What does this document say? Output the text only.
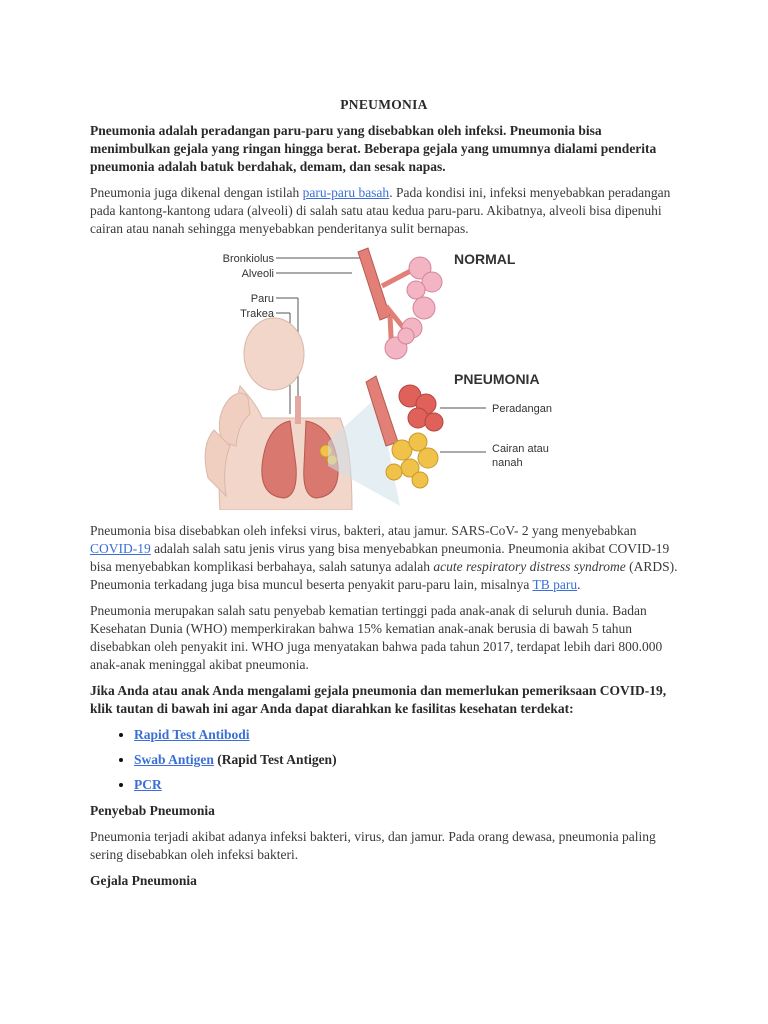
PNEUMONIA

Pneumonia adalah peradangan paru-paru yang disebabkan oleh infeksi. Pneumonia bisa menimbulkan gejala yang ringan hingga berat. Beberapa gejala yang umumnya dialami penderita pneumonia adalah batuk berdahak, demam, dan sesak napas.

Pneumonia juga dikenal dengan istilah paru-paru basah. Pada kondisi ini, infeksi menyebabkan peradangan pada kantong-kantong udara (alveoli) di salah satu atau kedua paru-paru. Akibatnya, alveoli bisa dipenuhi cairan atau nanah sehingga menyebabkan penderitanya sulit bernapas.

Bronkiolus
Alveoli
Paru
Trakea
NORMAL
PNEUMONIA
Peradangan
Cairan atau
nanah

Pneumonia bisa disebabkan oleh infeksi virus, bakteri, atau jamur. SARS-CoV- 2 yang menyebabkan COVID-19 adalah salah satu jenis virus yang bisa menyebabkan pneumonia. Pneumonia akibat COVID-19 bisa menyebabkan komplikasi berbahaya, salah satunya adalah acute respiratory distress syndrome (ARDS). Pneumonia terkadang juga bisa muncul beserta penyakit paru-paru lain, misalnya TB paru.

Pneumonia merupakan salah satu penyebab kematian tertinggi pada anak-anak di seluruh dunia. Badan Kesehatan Dunia (WHO) memperkirakan bahwa 15% kematian anak-anak berusia di bawah 5 tahun disebabkan oleh penyakit ini. WHO juga menyatakan bahwa pada tahun 2017, terdapat lebih dari 800.000 anak-anak meninggal akibat pneumonia.

Jika Anda atau anak Anda mengalami gejala pneumonia dan memerlukan pemeriksaan COVID-19, klik tautan di bawah ini agar Anda dapat diarahkan ke fasilitas kesehatan terdekat:

• Rapid Test Antibodi
• Swab Antigen (Rapid Test Antigen)
• PCR

Penyebab Pneumonia

Pneumonia terjadi akibat adanya infeksi bakteri, virus, dan jamur. Pada orang dewasa, pneumonia paling sering disebabkan oleh infeksi bakteri.

Gejala Pneumonia
